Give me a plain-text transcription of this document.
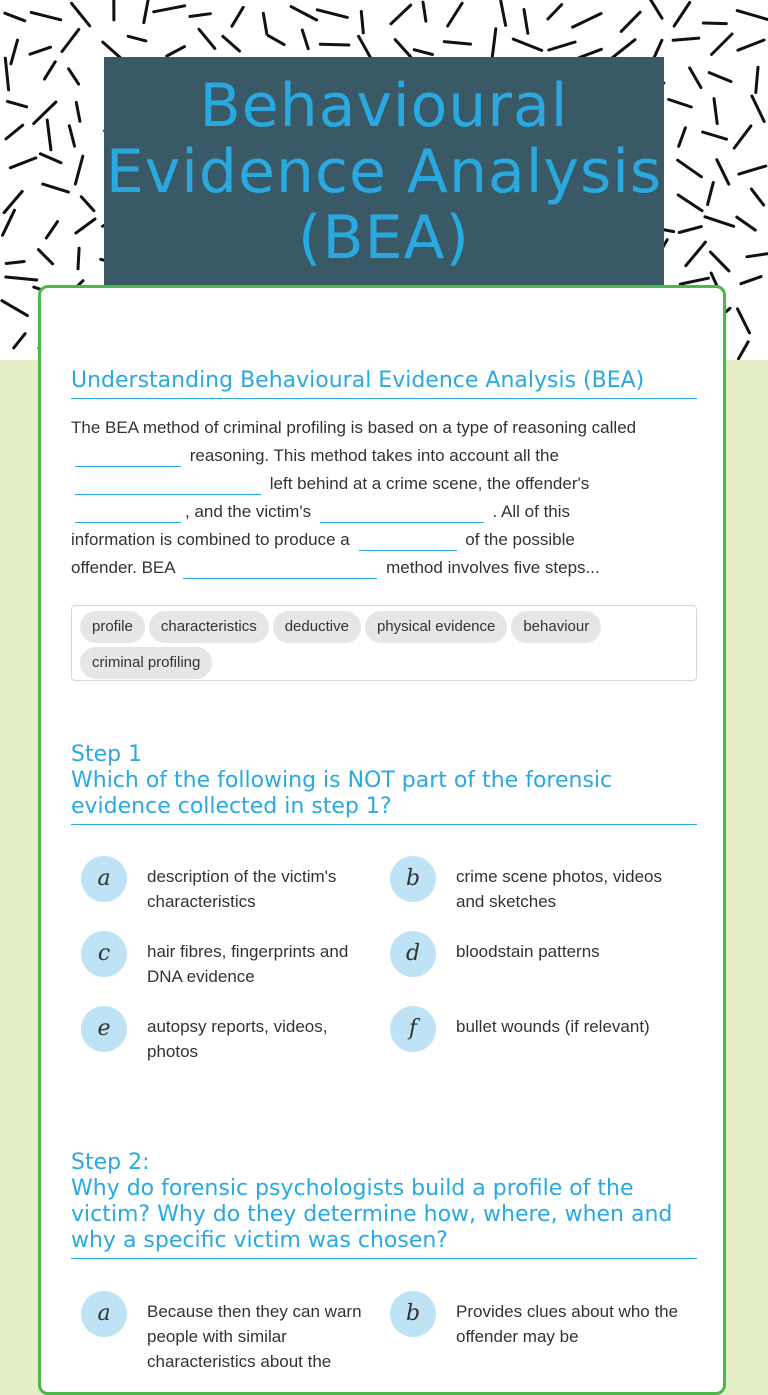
Behavioural Evidence Analysis (BEA)
Understanding Behavioural Evidence Analysis (BEA)
The BEA method of criminal profiling is based on a type of reasoning called
reasoning. This method takes into account all the
left behind at a crime scene, the offender's
, and the victim's	. All of this
information is combined to produce a	of the possible
offender. BEA	method involves five steps...
profile characteristics deductive physical evidence behaviourcriminal profiling
Step 1
Which of the following is NOT part of the forensic evidence collected in step 1?
a	description of the victim's characteristics
b	crime scene photos, videos and sketches
c	hair fibres, fingerprints and DNA evidence
d	bloodstain patterns
e	autopsy reports, videos, photos
f	bullet wounds (if relevant)
Step 2:
Why do forensic psychologists build a profile of the victim? Why do they determine how, where, when and why a specific victim was chosen?
a	Because then they can warn people with similar characteristics about the
b	Provides clues about who the offender may be
